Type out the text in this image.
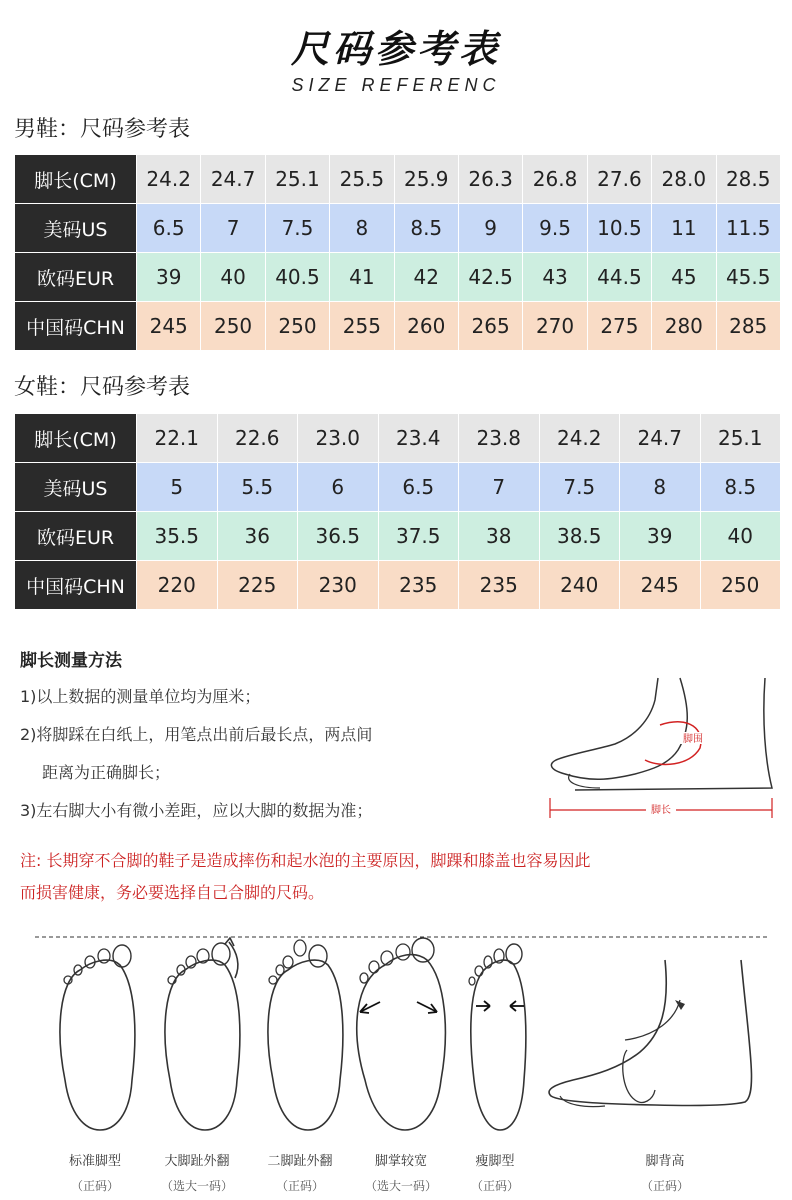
尺码参考表
SIZE REFERENC
男鞋：尺码参考表
脚长(CM)	24.2	24.7	25.1	25.5	25.9	26.3	26.8	27.6	28.0	28.5
美码US	6.5	7	7.5	8	8.5	9	9.5	10.5	11	11.5
欧码EUR	39	40	40.5	41	42	42.5	43	44.5	45	45.5
中国码CHN	245	250	250	255	260	265	270	275	280	285
女鞋：尺码参考表
脚长(CM)	22.1	22.6	23.0	23.4	23.8	24.2	24.7	25.1
美码US	5	5.5	6	6.5	7	7.5	8	8.5
欧码EUR	35.5	36	36.5	37.5	38	38.5	39	40
中国码CHN	220	225	230	235	235	240	245	250
脚长测量方法
1)以上数据的测量单位均为厘米；
2)将脚踩在白纸上，用笔点出前后最长点，两点间
距离为正确脚长；
3)左右脚大小有微小差距，应以大脚的数据为准；
脚围
脚长
注: 长期穿不合脚的鞋子是造成摔伤和起水泡的主要原因，脚踝和膝盖也容易因此
而损害健康，务必要选择自己合脚的尺码。
标准脚型
（正码）
大脚趾外翻
（选大一码）
二脚趾外翻
（正码）
脚掌较宽
（选大一码）
瘦脚型
（正码）
脚背高
（正码）
